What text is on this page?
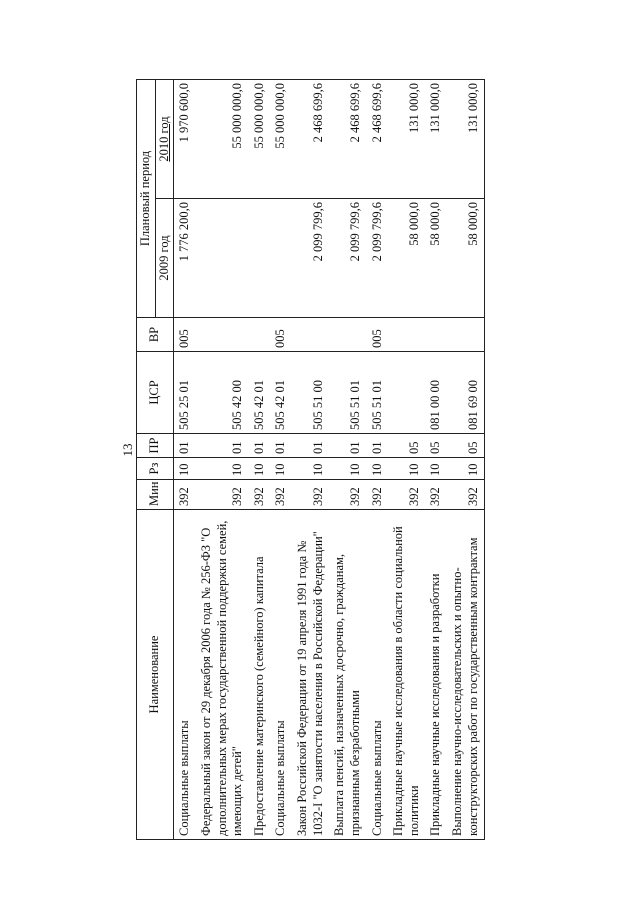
13
Наименование	Мин	Рз	ПР	ЦСР	ВР	Плановый период	
						2009 год	2010 год
Социальные выплаты	392	10	01	505 25 01	005	1 776 200,0	1 970 600,0
Федеральный закон от 29 декабря 2006 года № 256-ФЗ "О дополнительных мерах государственной поддержки семей, имеющих детей"	392	10	01	505 42 00			55 000 000,0
Предоставление материнского (семейного) капитала	392	10	01	505 42 01			55 000 000,0
Социальные выплаты	392	10	01	505 42 01	005		55 000 000,0
Закон Российской Федерации от 19 апреля 1991 года № 1032-I "О занятости населения в Российской Федерации"	392	10	01	505 51 00		2 099 799,6	2 468 699,6
Выплата пенсий, назначенных досрочно, гражданам, признанным безработными	392	10	01	505 51 01		2 099 799,6	2 468 699,6
Социальные выплаты	392	10	01	505 51 01	005	2 099 799,6	2 468 699,6
Прикладные научные исследования в области социальной политики	392	10	05			58 000,0	131 000,0
Прикладные научные исследования и разработки	392	10	05	081 00 00		58 000,0	131 000,0
Выполнение научно-исследовательских и опытно-конструкторских работ по государственным контрактам	392	10	05	081 69 00		58 000,0	131 000,0
